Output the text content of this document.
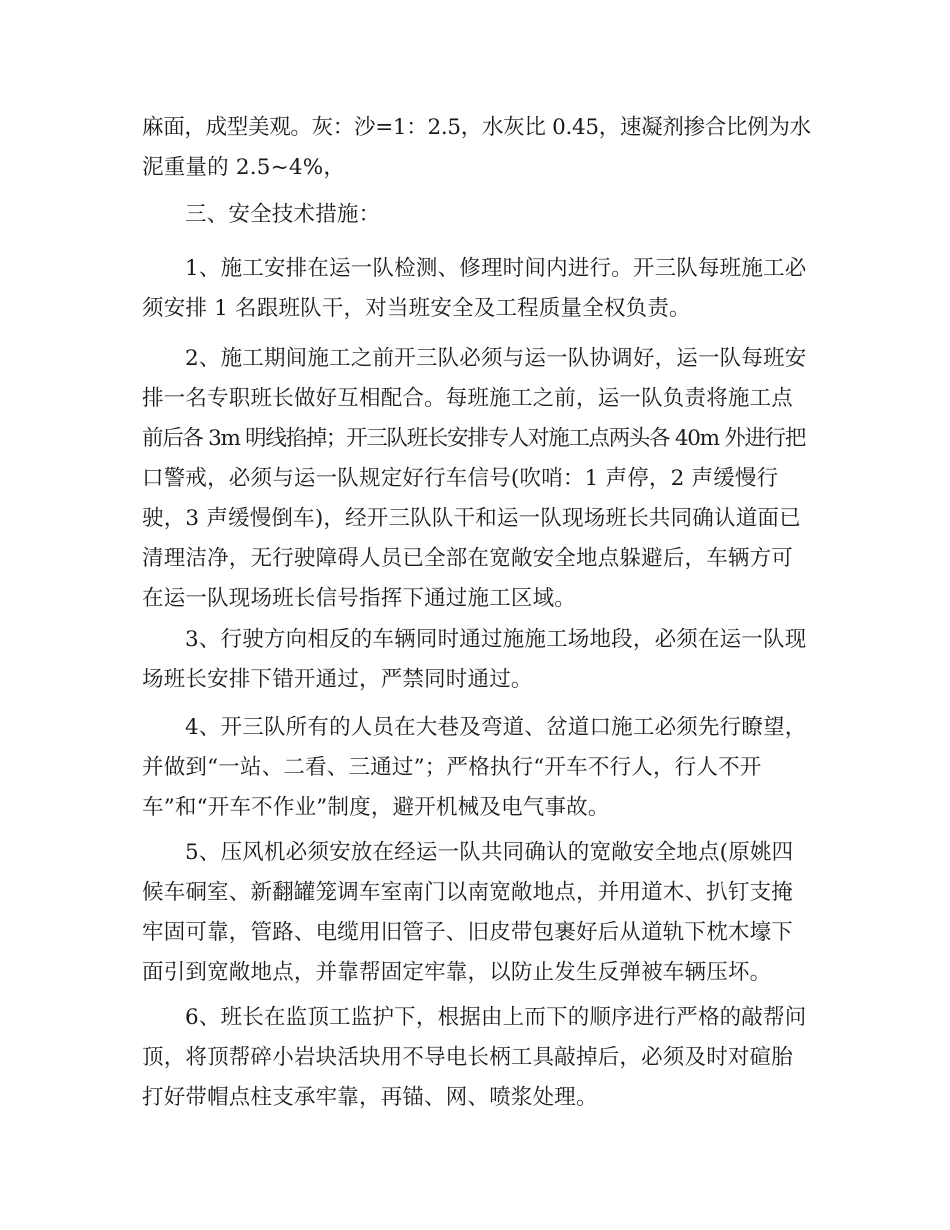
麻面，成型美观。灰：沙=1：2.5，水灰比 0.45，速凝剂掺合比例为水
泥重量的 2.5~4%，
三、安全技术措施：
1、施工安排在运一队检测、修理时间内进行。开三队每班施工必
须安排 1 名跟班队干，对当班安全及工程质量全权负责。
2、施工期间施工之前开三队必须与运一队协调好，运一队每班安
排一名专职班长做好互相配合。每班施工之前，运一队负责将施工点
前后各 3m 明线掐掉；开三队班长安排专人对施工点两头各 40m 外进行把
口警戒，必须与运一队规定好行车信号(吹哨：1 声停，2 声缓慢行
驶，3 声缓慢倒车)，经开三队队干和运一队现场班长共同确认道面已
清理洁净，无行驶障碍人员已全部在宽敞安全地点躲避后，车辆方可
在运一队现场班长信号指挥下通过施工区域。
3、行驶方向相反的车辆同时通过施施工场地段，必须在运一队现
场班长安排下错开通过，严禁同时通过。
4、开三队所有的人员在大巷及弯道、岔道口施工必须先行瞭望，
并做到“一站、二看、三通过”；严格执行“开车不行人，行人不开
车”和“开车不作业”制度，避开机械及电气事故。
5、压风机必须安放在经运一队共同确认的宽敞安全地点(原姚四
候车硐室、新翻罐笼调车室南门以南宽敞地点，并用道木、扒钉支掩
牢固可靠，管路、电缆用旧管子、旧皮带包裹好后从道轨下枕木壕下
面引到宽敞地点，并靠帮固定牢靠，以防止发生反弹被车辆压坏。
6、班长在监顶工监护下，根据由上而下的顺序进行严格的敲帮问
顶，将顶帮碎小岩块活块用不导电长柄工具敲掉后，必须及时对碹胎
打好带帽点柱支承牢靠，再锚、网、喷浆处理。
